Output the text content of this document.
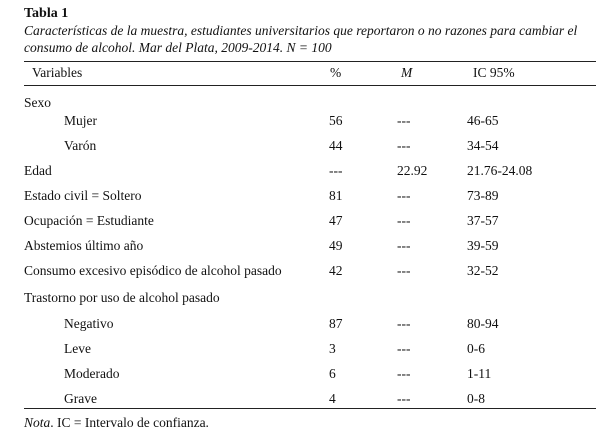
Tabla 1
Características de la muestra, estudiantes universitarios que reportaron o no razones para cambiar el consumo de alcohol. Mar del Plata, 2009-2014. N = 100
Variables	%	M	IC 95%
Sexo
Mujer	56	---	46-65
Varón	44	---	34-54
Edad	---	22.92	21.76-24.08
Estado civil = Soltero	81	---	73-89
Ocupación = Estudiante	47	---	37-57
Abstemios último año	49	---	39-59
Consumo excesivo episódico de alcohol pasado	42	---	32-52
Trastorno por uso de alcohol pasado
Negativo	87	---	80-94
Leve	3	---	0-6
Moderado	6	---	1-11
Grave	4	---	0-8
Nota. IC = Intervalo de confianza.
